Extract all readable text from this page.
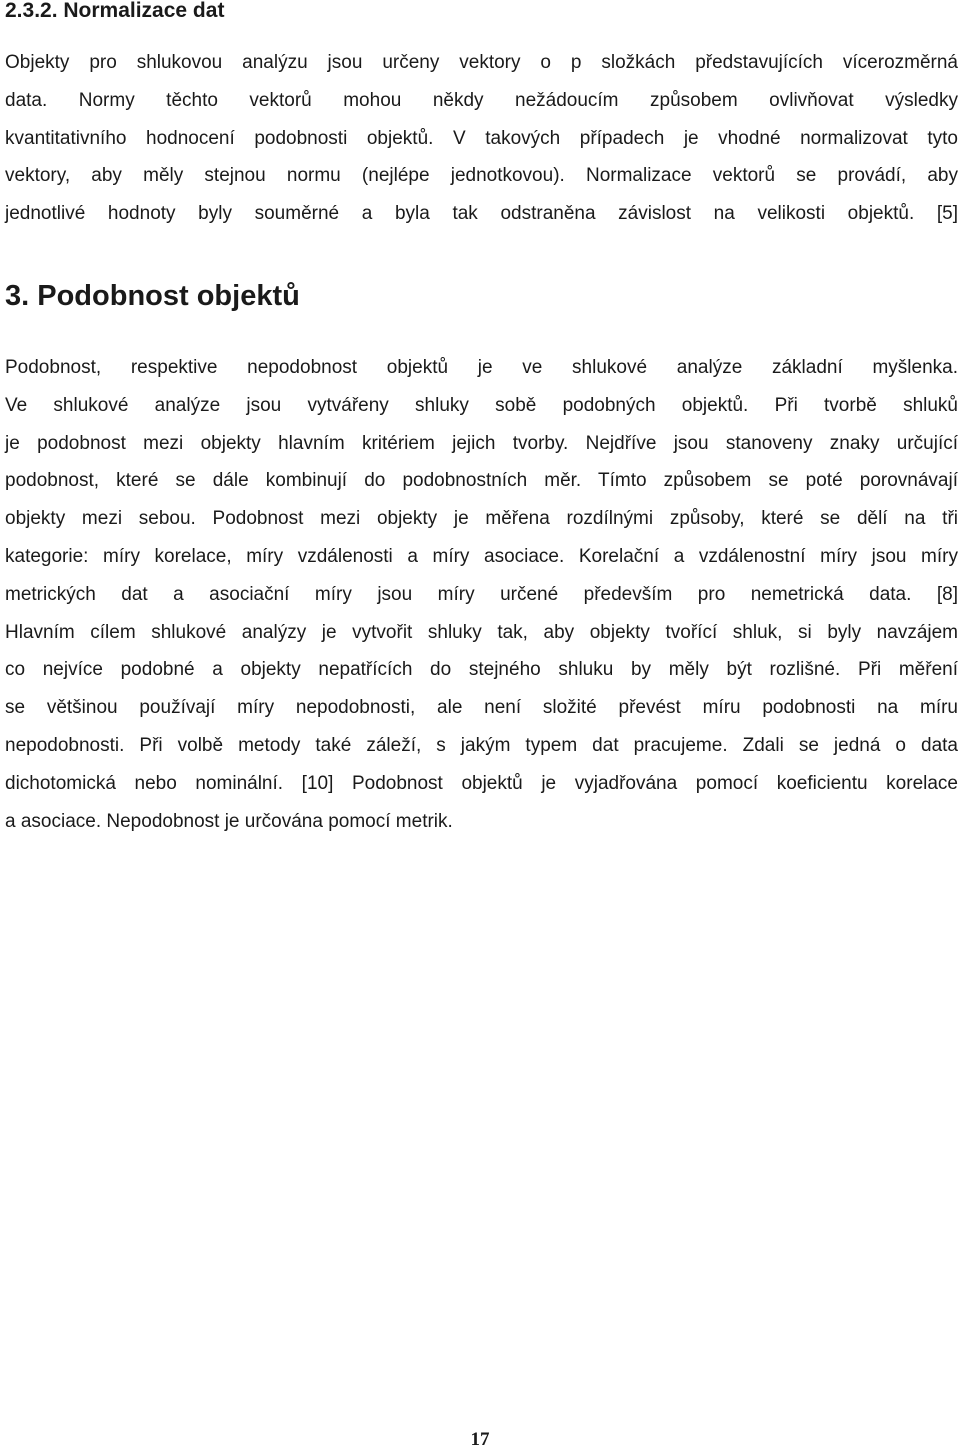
2.3.2. Normalizace dat

Objekty pro shlukovou analýzu jsou určeny vektory o p složkách představujících vícerozměrná
data. Normy těchto vektorů mohou někdy nežádoucím způsobem ovlivňovat výsledky
kvantitativního hodnocení podobnosti objektů. V takových případech je vhodné normalizovat tyto
vektory, aby měly stejnou normu (nejlépe jednotkovou). Normalizace vektorů se provádí, aby
jednotlivé hodnoty byly souměrné a byla tak odstraněna závislost na velikosti objektů. [5]

3. Podobnost objektů

Podobnost, respektive nepodobnost objektů je ve shlukové analýze základní myšlenka.
Ve shlukové analýze jsou vytvářeny shluky sobě podobných objektů. Při tvorbě shluků
je podobnost mezi objekty hlavním kritériem jejich tvorby. Nejdříve jsou stanoveny znaky určující
podobnost, které se dále kombinují do podobnostních měr. Tímto způsobem se poté porovnávají
objekty mezi sebou. Podobnost mezi objekty je měřena rozdílnými způsoby, které se dělí na tři
kategorie: míry korelace, míry vzdálenosti a míry asociace. Korelační a vzdálenostní míry jsou míry
metrických dat a asociační míry jsou míry určené především pro nemetrická data. [8]
Hlavním cílem shlukové analýzy je vytvořit shluky tak, aby objekty tvořící shluk, si byly navzájem
co nejvíce podobné a objekty nepatřících do stejného shluku by měly být rozlišné. Při měření
se většinou používají míry nepodobnosti, ale není složité převést míru podobnosti na míru
nepodobnosti. Při volbě metody také záleží, s jakým typem dat pracujeme. Zdali se jedná o data
dichotomická nebo nominální. [10] Podobnost objektů je vyjadřována pomocí koeficientu korelace
a asociace. Nepodobnost je určována pomocí metrik.

17
